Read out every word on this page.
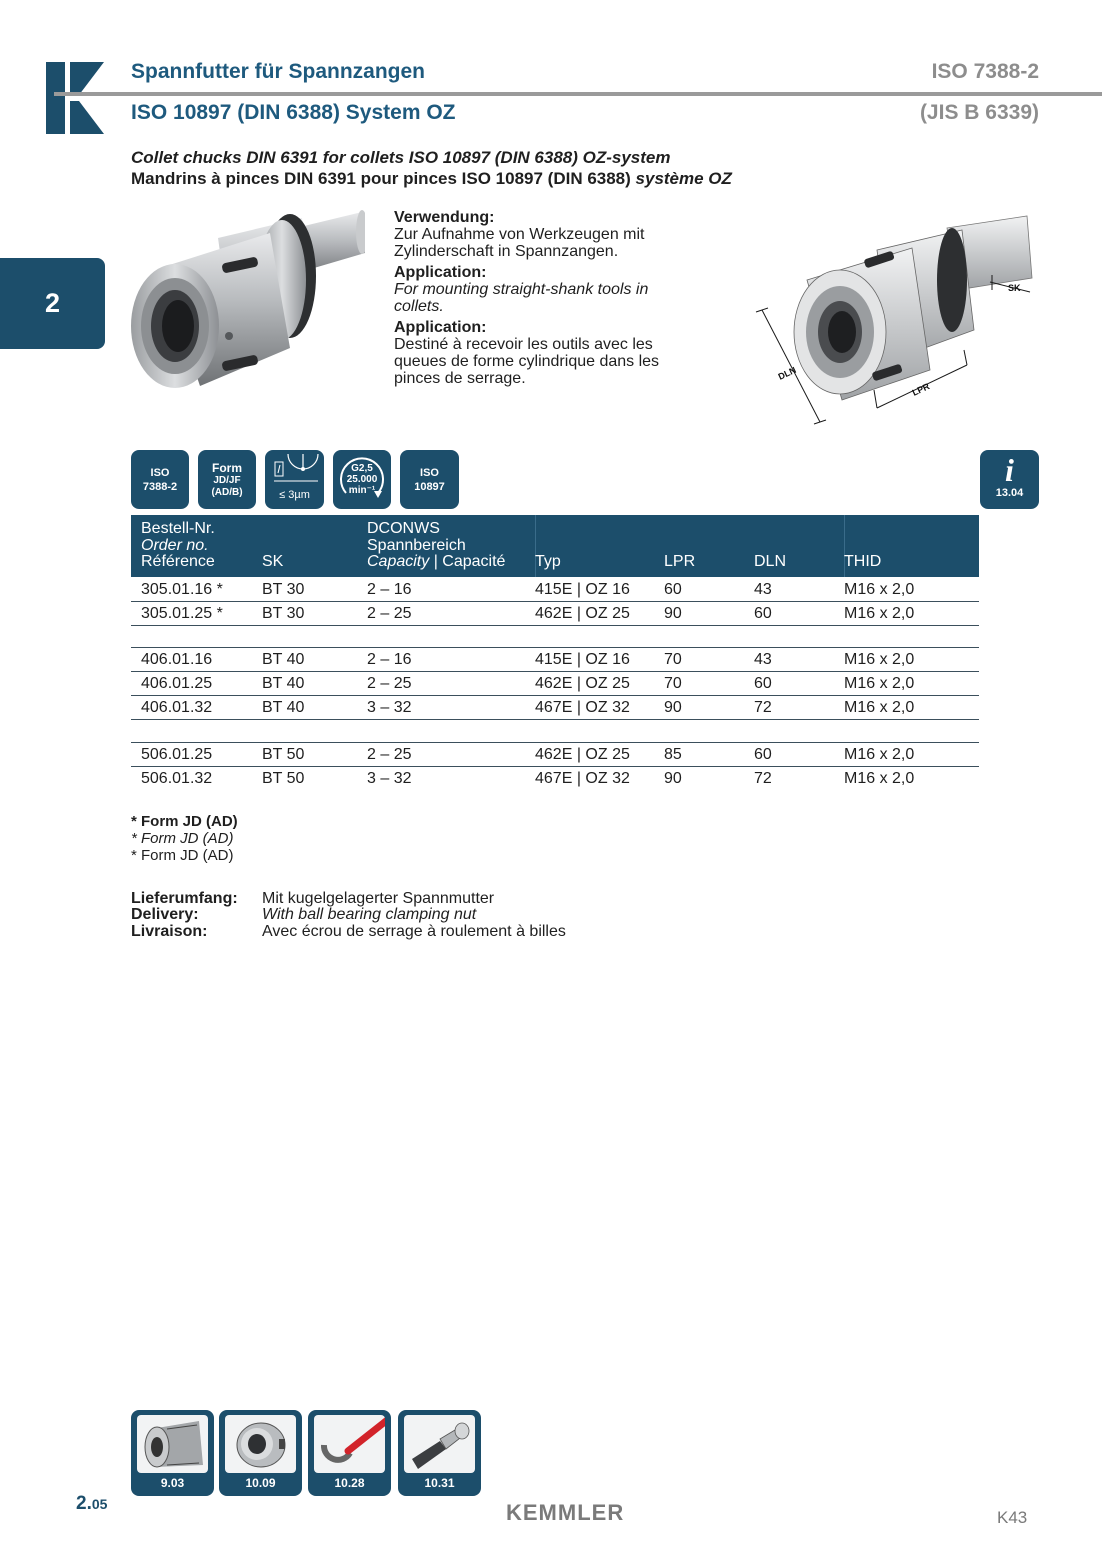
Spannfutter für Spannzangen
ISO 10897 (DIN 6388) System OZ
ISO 7388-2
(JIS B 6339)
2
Collet chucks DIN 6391 for collets ISO 10897 (DIN 6388) OZ-system
Mandrins à pinces DIN 6391 pour pinces ISO 10897 (DIN 6388) système OZ
Verwendung:
Zur Aufnahme von Werkzeugen mit
Zylinderschaft in Spannzangen.
Application:
For mounting straight-shank tools in
collets.
Application:
Destiné à recevoir les outils avec les
queues de forme cylindrique dans les
pinces de serrage.
SK
DLN
LPR
ISO
7388-2
Form
JD/JF
(AD/B)	≤ 3µm
G2,5
25.000
min⁻¹
ISO
10897	i
13.04
Bestell-Nr.
Order no.
Référence	SK
DCONWS
Spannbereich
Capacity | Capacité Typ	LPR	DLN	THID
305.01.16 * BT 30	2 – 16	415E | OZ 16 60	43	M16 x 2,0
305.01.25 * BT 30	2 – 25	462E | OZ 25 90	60	M16 x 2,0
406.01.16	BT 40	2 – 16	415E | OZ 16 70	43	M16 x 2,0
406.01.25	BT 40	2 – 25	462E | OZ 25 70	60	M16 x 2,0
406.01.32	BT 40	3 – 32	467E | OZ 32 90	72	M16 x 2,0
506.01.25	BT 50	2 – 25	462E | OZ 25 85	60	M16 x 2,0
506.01.32	BT 50	3 – 32	467E | OZ 32 90	72	M16 x 2,0
* Form JD (AD)
* Form JD (AD)
* Form JD (AD)
Lieferumfang: Mit kugelgelagerter Spannmutter
Delivery:	With ball bearing clamping nut
Livraison:	Avec écrou de serrage à roulement à billes
9.03	10.09	10.28	10.31
2.05	KEMMLER	K43
